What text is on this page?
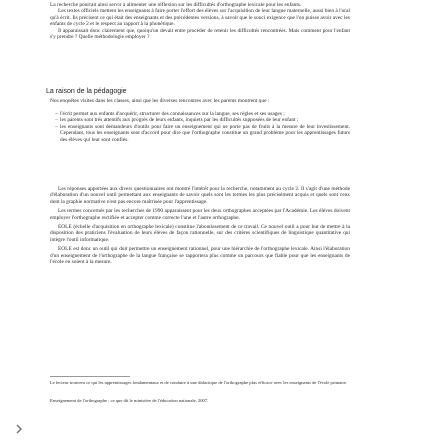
La recherche pourrait ainsi servir à alimenter une réflexion sur les difficultés d'orthographe lexicale pour les enfants.

Les textes officiels mettent les enseignants à faire porter l'effort des élèves sur l'acquisition de leur langue maternelle, aussi bien à l'oral qu'à écrit. Ils précisent ce qui était des enseignants et des précédentes versions, à savoir que le souci exigence que l'on puisse avoir avec les enfants de cycle 2 et le respect au rapport à la phonétique.

Il apparaissait donc clairement que, quoiqu'un devait entre procéder de retenir les difficultés rencontrées. Mais comment pour l'enfant s'y prendre ? Quelle méthodologie employer ?

La raison de la pédagogie

Nos enquêtes visites dans les classes, ainsi que les diverses rencontres avec les parents montrent que :

– l'écrit permet aux enfants d'acquérir, structurer des connaissances sur la langue, ses règles et ses usages ;

– les parents sont très attentifs aux progrès de leurs enfants, inquiets par les difficultés supposées de leur enfant ;

– les enseignants sont demandeurs d'outils pour faire un enseignement qui ne porte pas de fruits à la mesure de leur investissement. Cependant, tous les enseignants sont d'accord pour dire que l'orthographe constitue un grand problème pour les apprentissages futurs des élèves qui leur sont confiés.

Les réponses apportées aux divers questionnaires ont montré l'intérêt pour la recherche, notamment au cycle 2. Il s'agit d'une méthode d'élaboration d'un nouvel outil permettant aux enseignants de savoir quels sont les termes les plus précisément acquis et quels sont ceux dont la graphie normative n'est pas encore maîtrisée pour l'apprentissage.

Les termes concernés par les recherches de 1990 apparaissent pour les deux orthographes acceptées par l'Académie. Les élèves doivent employer l'orthographe rectifiée et accepter comme correcte l'une et l'autre orthographe.

EOLE (échelle d'acquisition en orthographe lexicale) constitue l'aboutissement de ce travail. Ce nouvel outil a pour but de mettre à la disposition des praticiens l'évaluation de leurs élèves de façon rationnelle, sur des critères scientifiques de linguistique quantitative qui intègre l'outil informatique.

EOLE est donc un outil qui doit permettre un enseignement rationnel, pour une hiérarchie de l'orthographe lexicale. Ainsi l'élaboration d'un enseignement de l'orthographe de la langue française se rapportera plus comme un parcours que fiable pour que les enseignants de l'école en soient à la mesure.

Le lecteur trouvera ce qui les apprentissages fondamentaux et de conduire à une didactique de l'orthographe plus efficace avec les enseignants de l'école primaire.

Enseignement de l'orthographe : ce que dit le ministère de l'éducation nationale, 2007.
